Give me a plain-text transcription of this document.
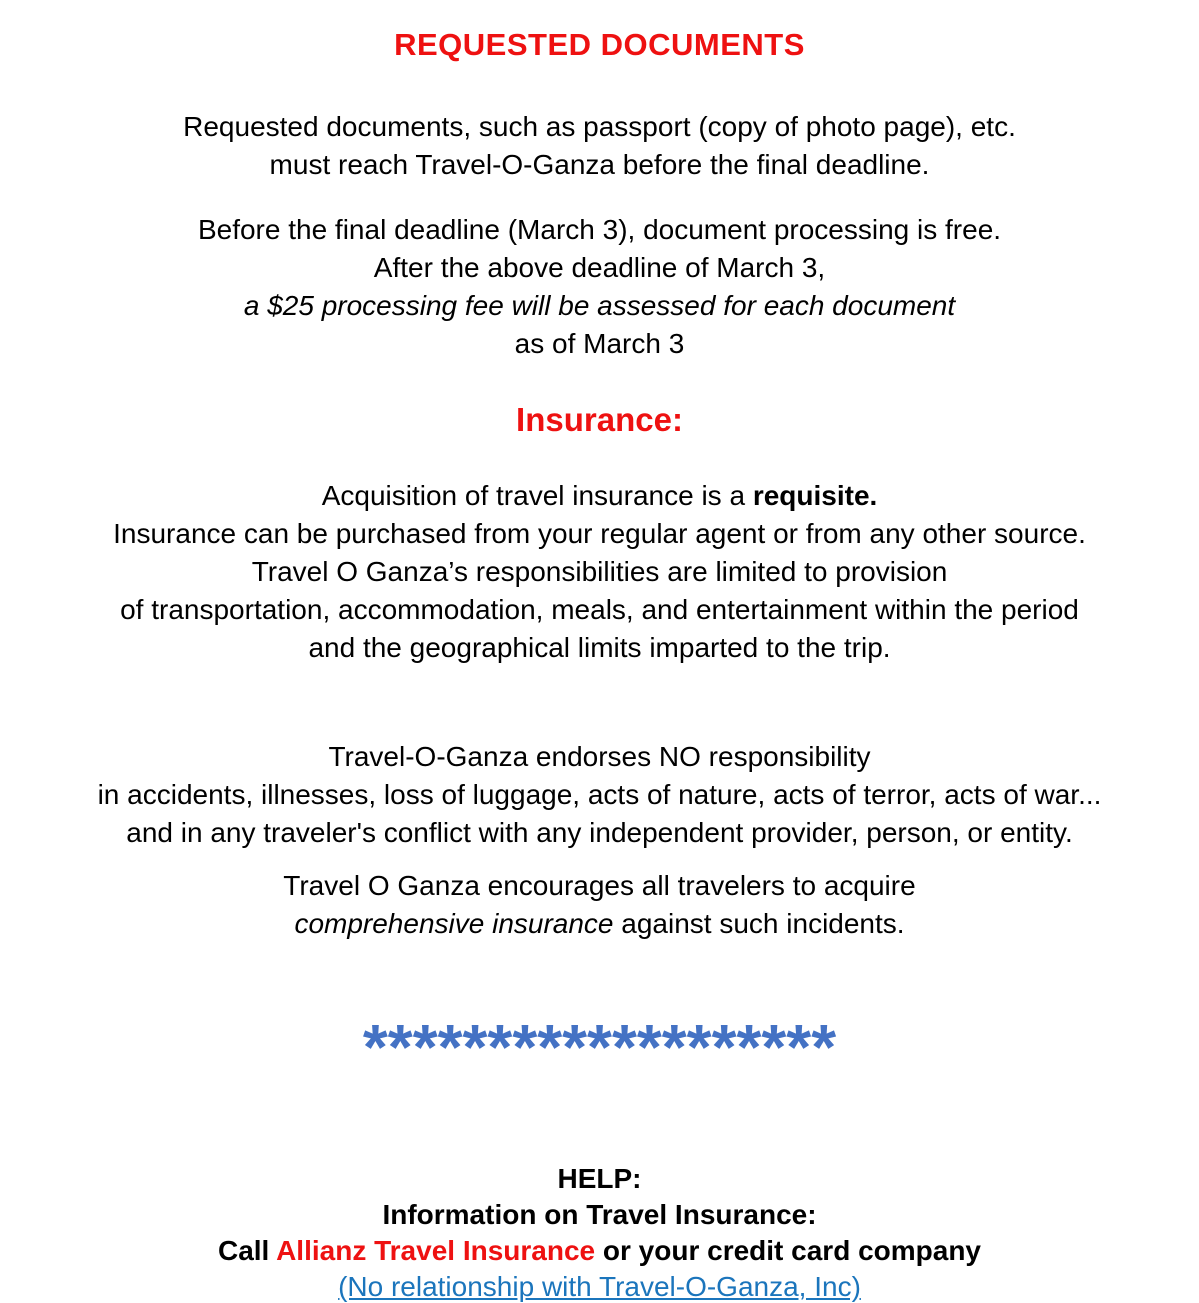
REQUESTED DOCUMENTS
Requested documents, such as passport (copy of photo page), etc.
must reach Travel-O-Ganza before the final deadline.
Before the final deadline (March 3), document processing is free.
After the above deadline of March 3,
a $25 processing fee will be assessed for each document
as of March 3
Insurance:
Acquisition of travel insurance is a requisite.
Insurance can be purchased from your regular agent or from any other source.
Travel O Ganza’s responsibilities are limited to provision
of transportation, accommodation, meals, and entertainment within the period
and the geographical limits imparted to the trip.
Travel-O-Ganza endorses NO responsibility
in accidents, illnesses, loss of luggage, acts of nature, acts of terror, acts of war...
and in any traveler's conflict with any independent provider, person, or entity.
Travel O Ganza encourages all travelers to acquire
comprehensive insurance against such incidents.
*******************
HELP:
Information on Travel Insurance:
Call Allianz Travel Insurance or your credit card company
(No relationship with Travel-O-Ganza, Inc)
